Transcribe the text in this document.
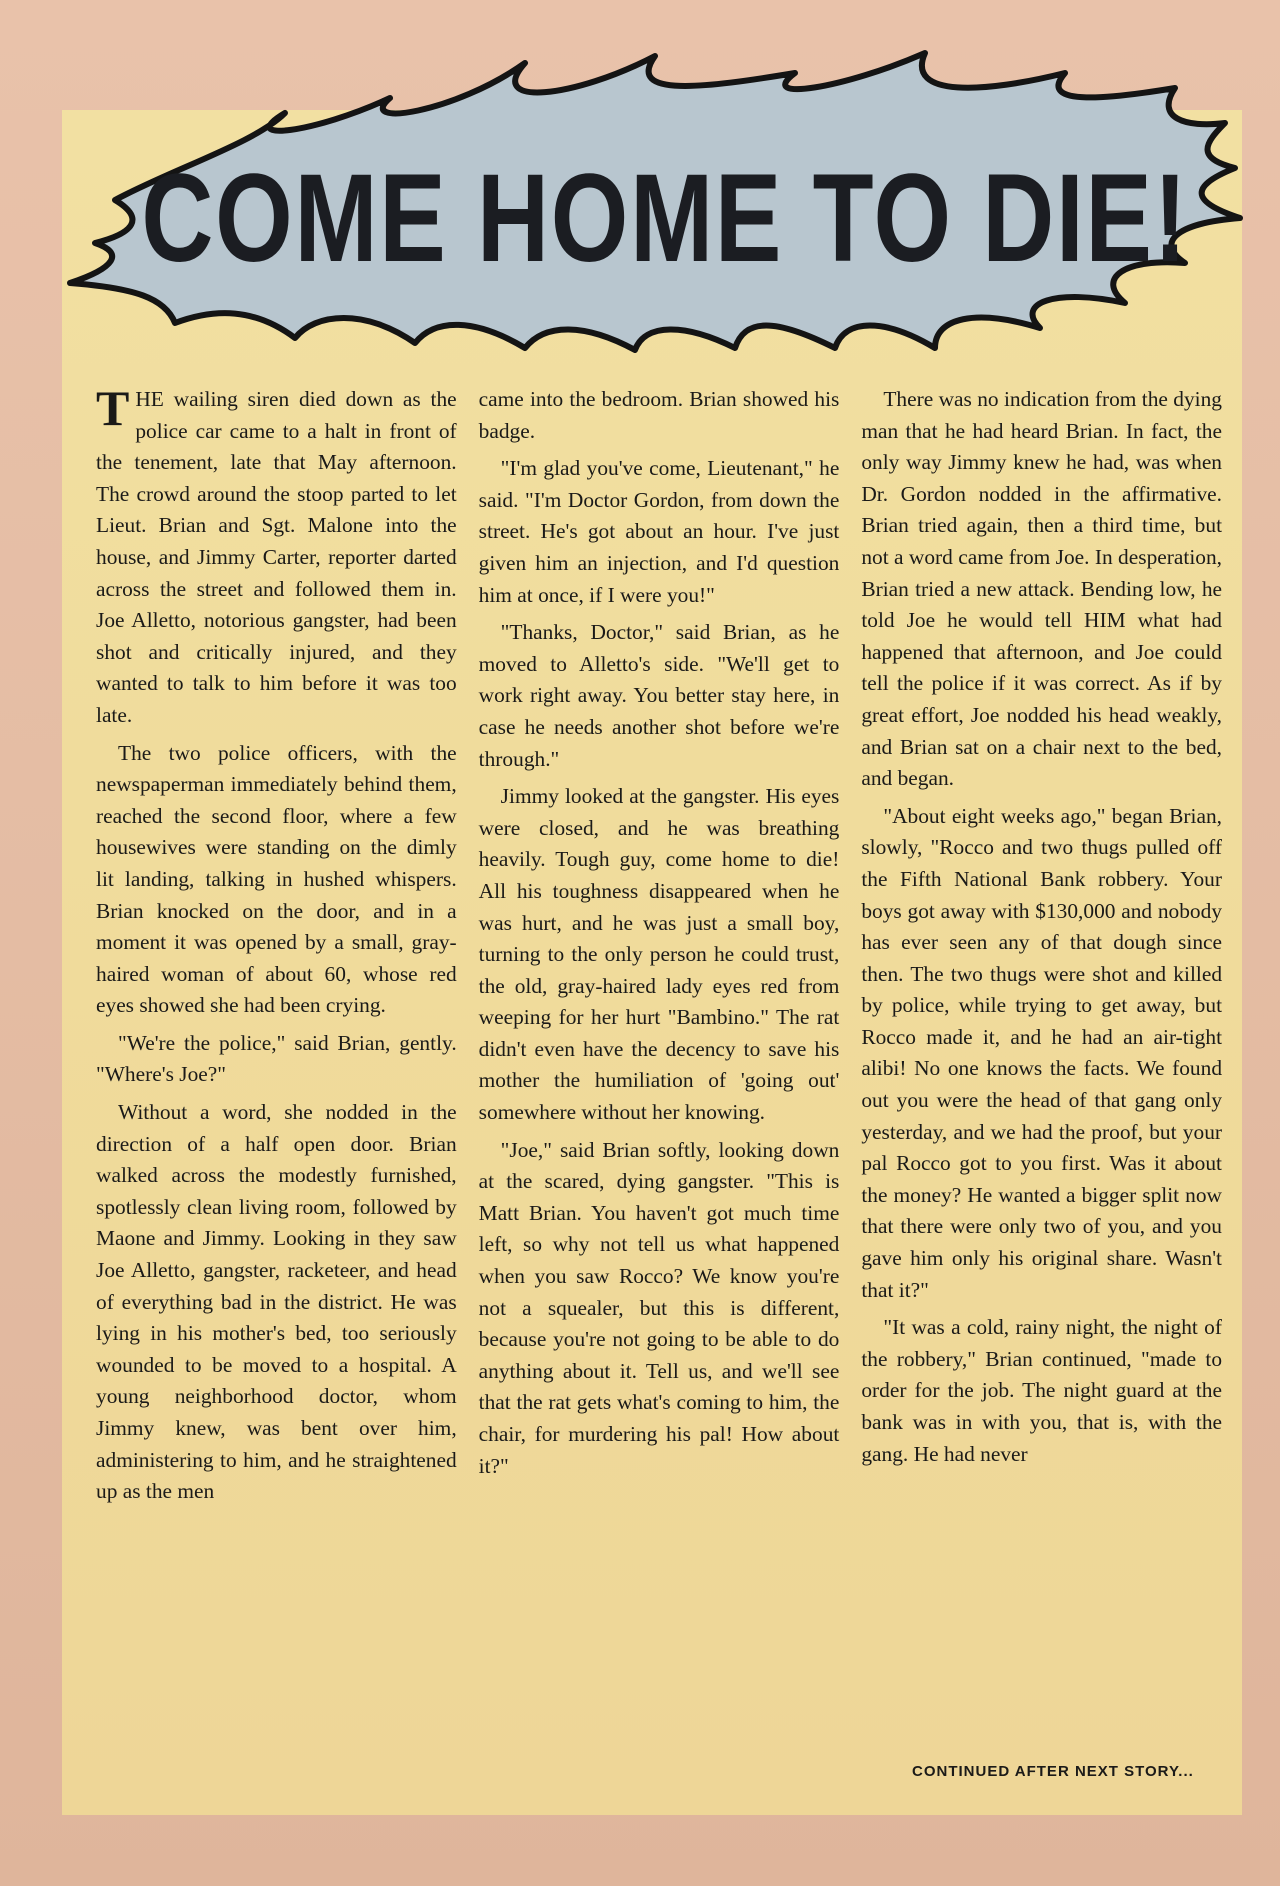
COME HOME TO DIE!

THE wailing siren died down as the police car came to a halt in front of the tenement, late that May afternoon. The crowd around the stoop parted to let Lieut. Brian and Sgt. Malone into the house, and Jimmy Carter, reporter darted across the street and followed them in. Joe Alletto, notorious gangster, had been shot and critically injured, and they wanted to talk to him before it was too late.

The two police officers, with the newspaperman immediately behind them, reached the second floor, where a few housewives were standing on the dimly lit landing, talking in hushed whispers. Brian knocked on the door, and in a moment it was opened by a small, gray-haired woman of about 60, whose red eyes showed she had been crying.

"We're the police," said Brian, gently. "Where's Joe?"

Without a word, she nodded in the direction of a half open door. Brian walked across the modestly furnished, spotlessly clean living room, followed by Maone and Jimmy. Looking in they saw Joe Alletto, gangster, racketeer, and head of everything bad in the district. He was lying in his mother's bed, too seriously wounded to be moved to a hospital. A young neighborhood doctor, whom Jimmy knew, was bent over him, administering to him, and he straightened up as the men

came into the bedroom. Brian showed his badge.

"I'm glad you've come, Lieutenant," he said. "I'm Doctor Gordon, from down the street. He's got about an hour. I've just given him an injection, and I'd question him at once, if I were you!"

"Thanks, Doctor," said Brian, as he moved to Alletto's side. "We'll get to work right away. You better stay here, in case he needs another shot before we're through."

Jimmy looked at the gangster. His eyes were closed, and he was breathing heavily. Tough guy, come home to die! All his toughness disappeared when he was hurt, and he was just a small boy, turning to the only person he could trust, the old, gray-haired lady eyes red from weeping for her hurt "Bambino." The rat didn't even have the decency to save his mother the humiliation of 'going out' somewhere without her knowing.

"Joe," said Brian softly, looking down at the scared, dying gangster. "This is Matt Brian. You haven't got much time left, so why not tell us what happened when you saw Rocco? We know you're not a squealer, but this is different, because you're not going to be able to do anything about it. Tell us, and we'll see that the rat gets what's coming to him, the chair, for murdering his pal! How about it?"

There was no indication from the dying man that he had heard Brian. In fact, the only way Jimmy knew he had, was when Dr. Gordon nodded in the affirmative. Brian tried again, then a third time, but not a word came from Joe. In desperation, Brian tried a new attack. Bending low, he told Joe he would tell HIM what had happened that afternoon, and Joe could tell the police if it was correct. As if by great effort, Joe nodded his head weakly, and Brian sat on a chair next to the bed, and began.

"About eight weeks ago," began Brian, slowly, "Rocco and two thugs pulled off the Fifth National Bank robbery. Your boys got away with $130,000 and nobody has ever seen any of that dough since then. The two thugs were shot and killed by police, while trying to get away, but Rocco made it, and he had an air-tight alibi! No one knows the facts. We found out you were the head of that gang only yesterday, and we had the proof, but your pal Rocco got to you first. Was it about the money? He wanted a bigger split now that there were only two of you, and you gave him only his original share. Wasn't that it?"

"It was a cold, rainy night, the night of the robbery," Brian continued, "made to order for the job. The night guard at the bank was in with you, that is, with the gang. He had never

CONTINUED AFTER NEXT STORY...
